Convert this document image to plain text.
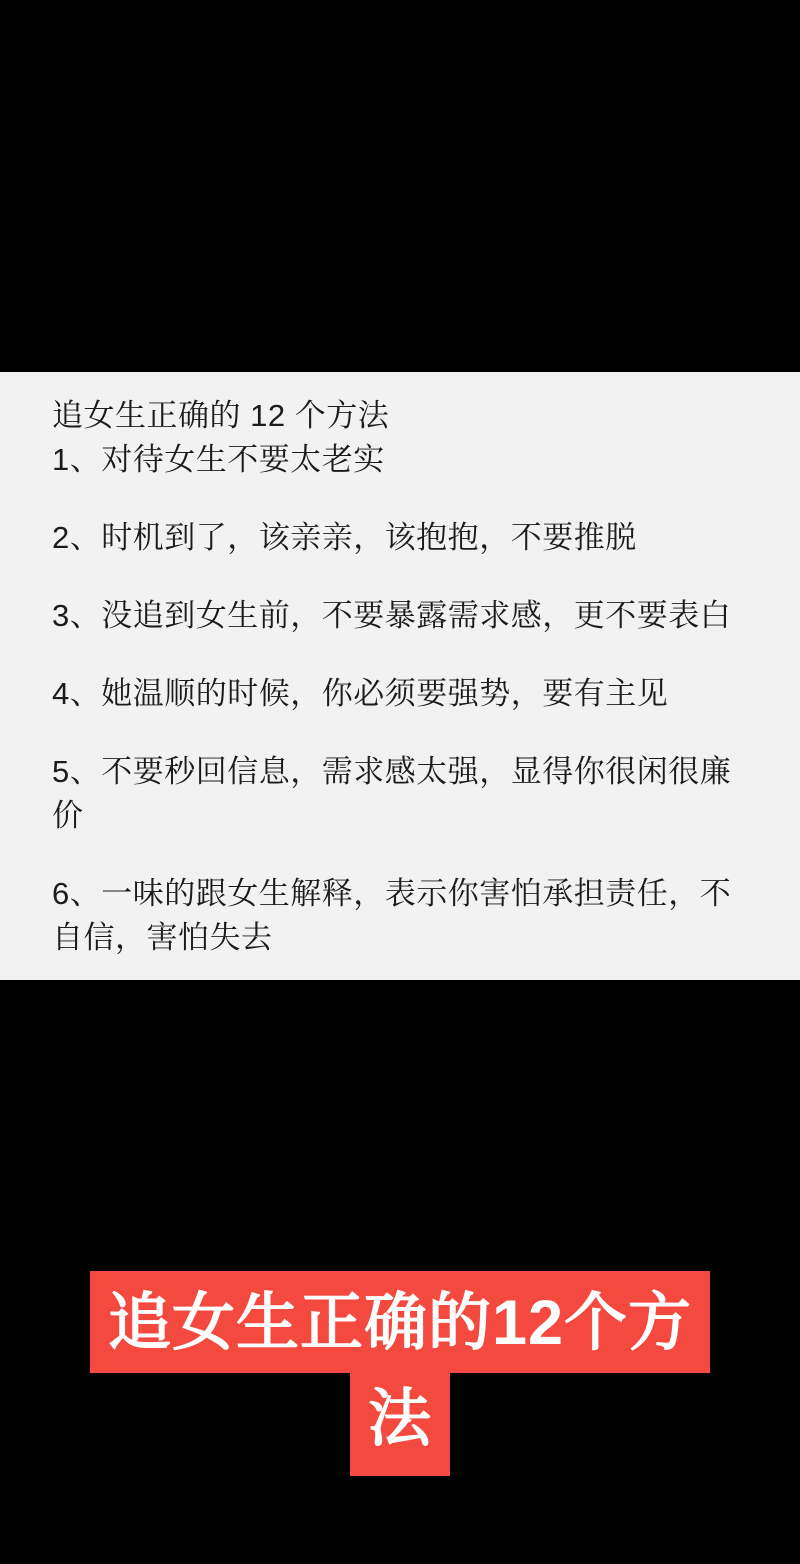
追女生正确的 12 个方法

1、对待女生不要太老实

2、时机到了，该亲亲，该抱抱，不要推脱

3、没追到女生前，不要暴露需求感，更不要表白

4、她温顺的时候，你必须要强势，要有主见

5、不要秒回信息，需求感太强，显得你很闲很廉价

6、一味的跟女生解释，表示你害怕承担责任，不自信，害怕失去

追女生正确的12个方
法
